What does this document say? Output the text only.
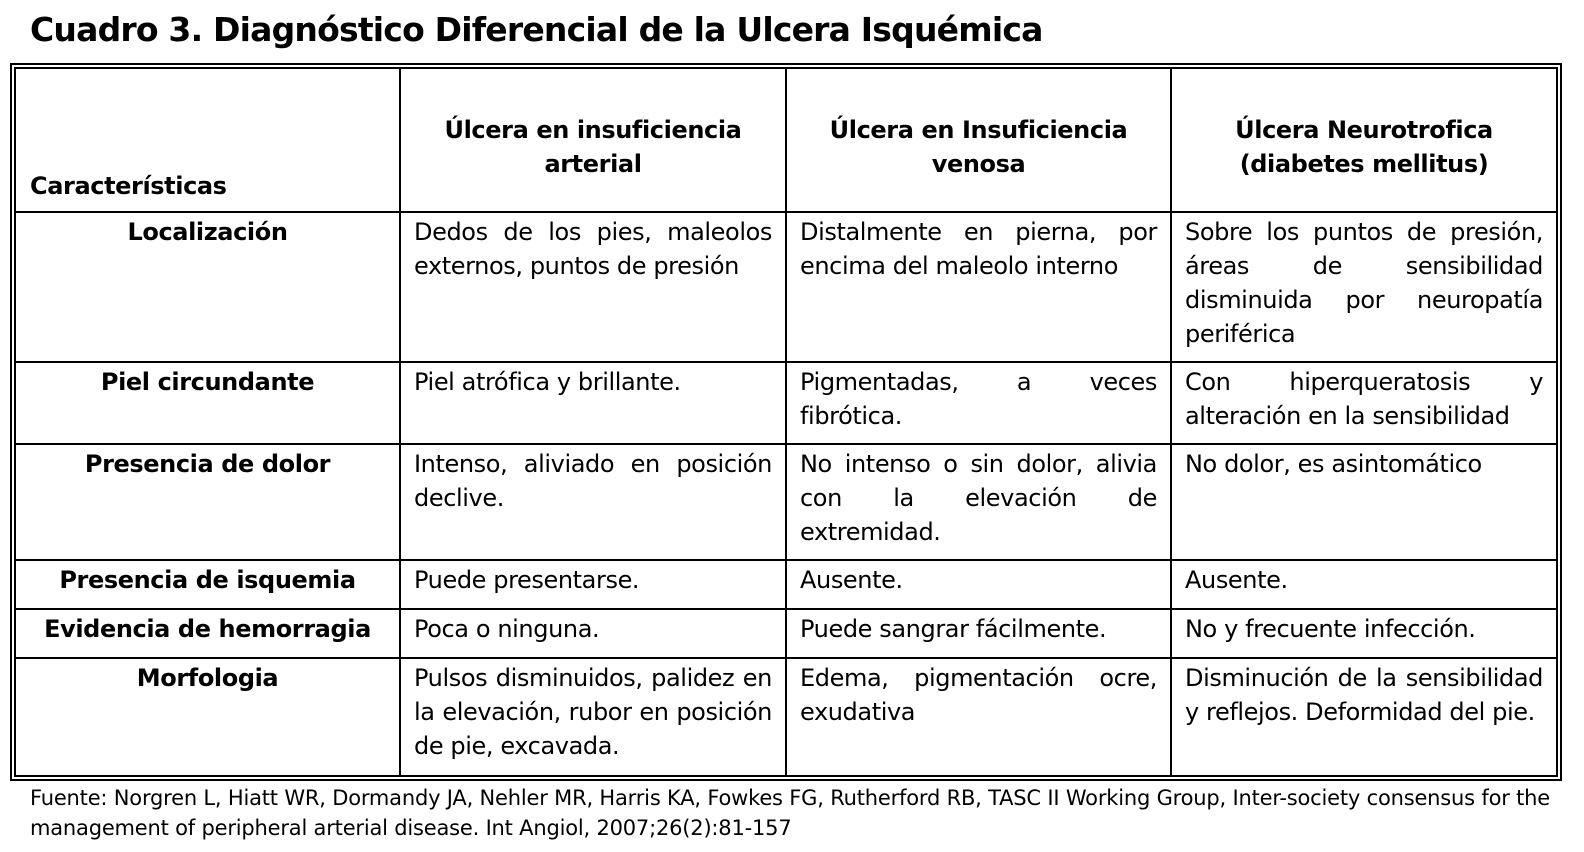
Cuadro 3. Diagnóstico Diferencial de la Ulcera Isquémica
Características	Úlcera en insuficiencia arterial	Úlcera en Insuficiencia venosa	Úlcera Neurotrofica (diabetes mellitus)
Localización	Dedos de los pies, maleolos externos, puntos de presión	Distalmente en pierna, por encima del maleolo interno	Sobre los puntos de presión, áreas de sensibilidad disminuida por neuropatía periférica
Piel circundante	Piel atrófica y brillante.	Pigmentadas, a veces fibrótica.	Con hiperqueratosis y alteración en la sensibilidad
Presencia de dolor	Intenso, aliviado en posición declive.	No intenso o sin dolor, alivia con la elevación de extremidad.	No dolor, es asintomático
Presencia de isquemia	Puede presentarse.	Ausente.	Ausente.
Evidencia de hemorragia	Poca o ninguna.	Puede sangrar fácilmente.	No y frecuente infección.
Morfologia	Pulsos disminuidos, palidez en la elevación, rubor en posición de pie, excavada.	Edema, pigmentación ocre, exudativa	Disminución de la sensibilidad y reflejos. Deformidad del pie.
Fuente: Norgren L, Hiatt WR, Dormandy JA, Nehler MR, Harris KA, Fowkes FG, Rutherford RB, TASC II Working Group, Inter-society consensus for the management of peripheral arterial disease. Int Angiol, 2007;26(2):81-157
